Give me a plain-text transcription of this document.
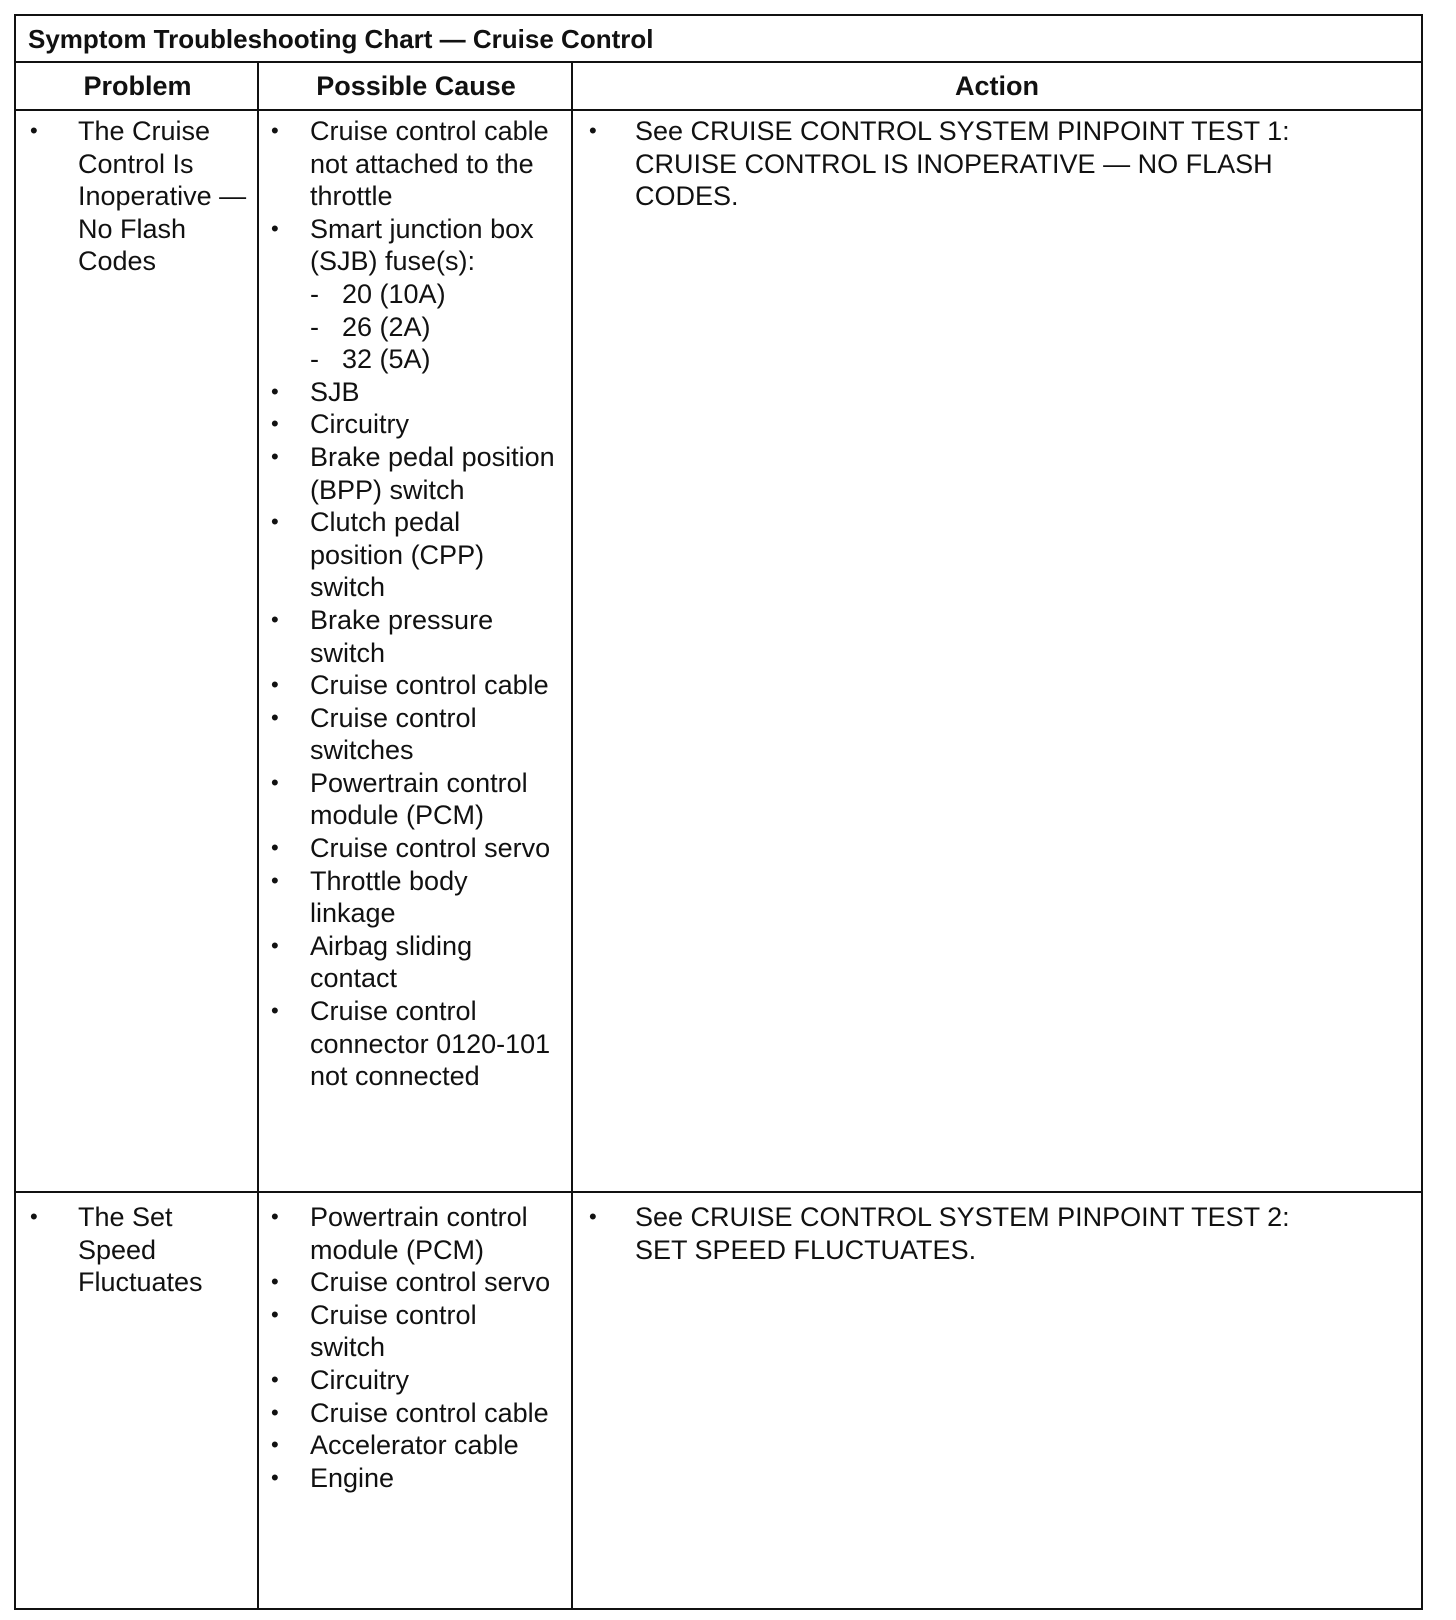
Symptom Troubleshooting Chart — Cruise Control
Problem	Possible Cause	Action
• The Cruise Control Is Inoperative — No Flash Codes
• Cruise control cable not attached to the throttle
• Smart junction box (SJB) fuse(s):
- 20 (10A)
- 26 (2A)
- 32 (5A)
• SJB
• Circuitry
• Brake pedal position (BPP) switch
• Clutch pedal position (CPP) switch
• Brake pressure switch
• Cruise control cable
• Cruise control switches
• Powertrain control module (PCM)
• Cruise control servo
• Throttle body linkage
• Airbag sliding contact
• Cruise control connector 0120-101 not connected
• See CRUISE CONTROL SYSTEM PINPOINT TEST 1: CRUISE CONTROL IS INOPERATIVE — NO FLASH CODES.
• The Set Speed Fluctuates
• Powertrain control module (PCM)
• Cruise control servo
• Cruise control switch
• Circuitry
• Cruise control cable
• Accelerator cable
• Engine
• See CRUISE CONTROL SYSTEM PINPOINT TEST 2: SET SPEED FLUCTUATES.
